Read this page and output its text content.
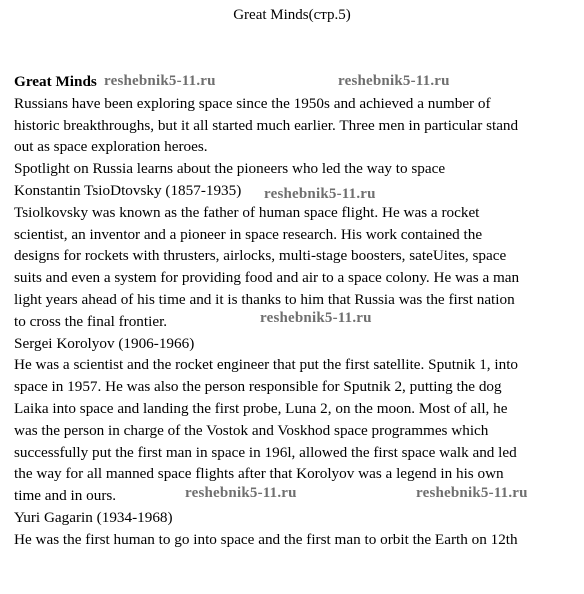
Great Minds(стр.5)
Great Minds
Russians have been exploring space since the 1950s and achieved a number of
historic breakthroughs, but it all started much earlier. Three men in particular stand
out as space exploration heroes.
Spotlight on Russia learns about the pioneers who led the way to space
Konstantin TsioDtovsky (1857-1935)
Tsiolkovsky was known as the father of human space flight. He was a rocket
scientist, an inventor and a pioneer in space research. His work contained the
designs for rockets with thrusters, airlocks, multi-stage boosters, sateUites, space
suits and even a system for providing food and air to a space colony. He was a man
light years ahead of his time and it is thanks to him that Russia was the first nation
to cross the final frontier.
Sergei Korolyov (1906-1966)
He was a scientist and the rocket engineer that put the first satellite. Sputnik 1, into
space in 1957. He was also the person responsible for Sputnik 2, putting the dog
Laika into space and landing the first probe, Luna 2, on the moon. Most of all, he
was the person in charge of the Vostok and Voskhod space programmes which
successfully put the first man in space in 196l, allowed the first space walk and led
the way for all manned space flights after that Korolyov was a legend in his own
time and in ours.
Yuri Gagarin (1934-1968)
He was the first human to go into space and the first man to orbit the Earth on 12th
reshebnik5-11.ru	reshebnik5-11.ru
reshebnik5-11.ru
reshebnik5-11.ru
reshebnik5-11.ru	reshebnik5-11.ru
